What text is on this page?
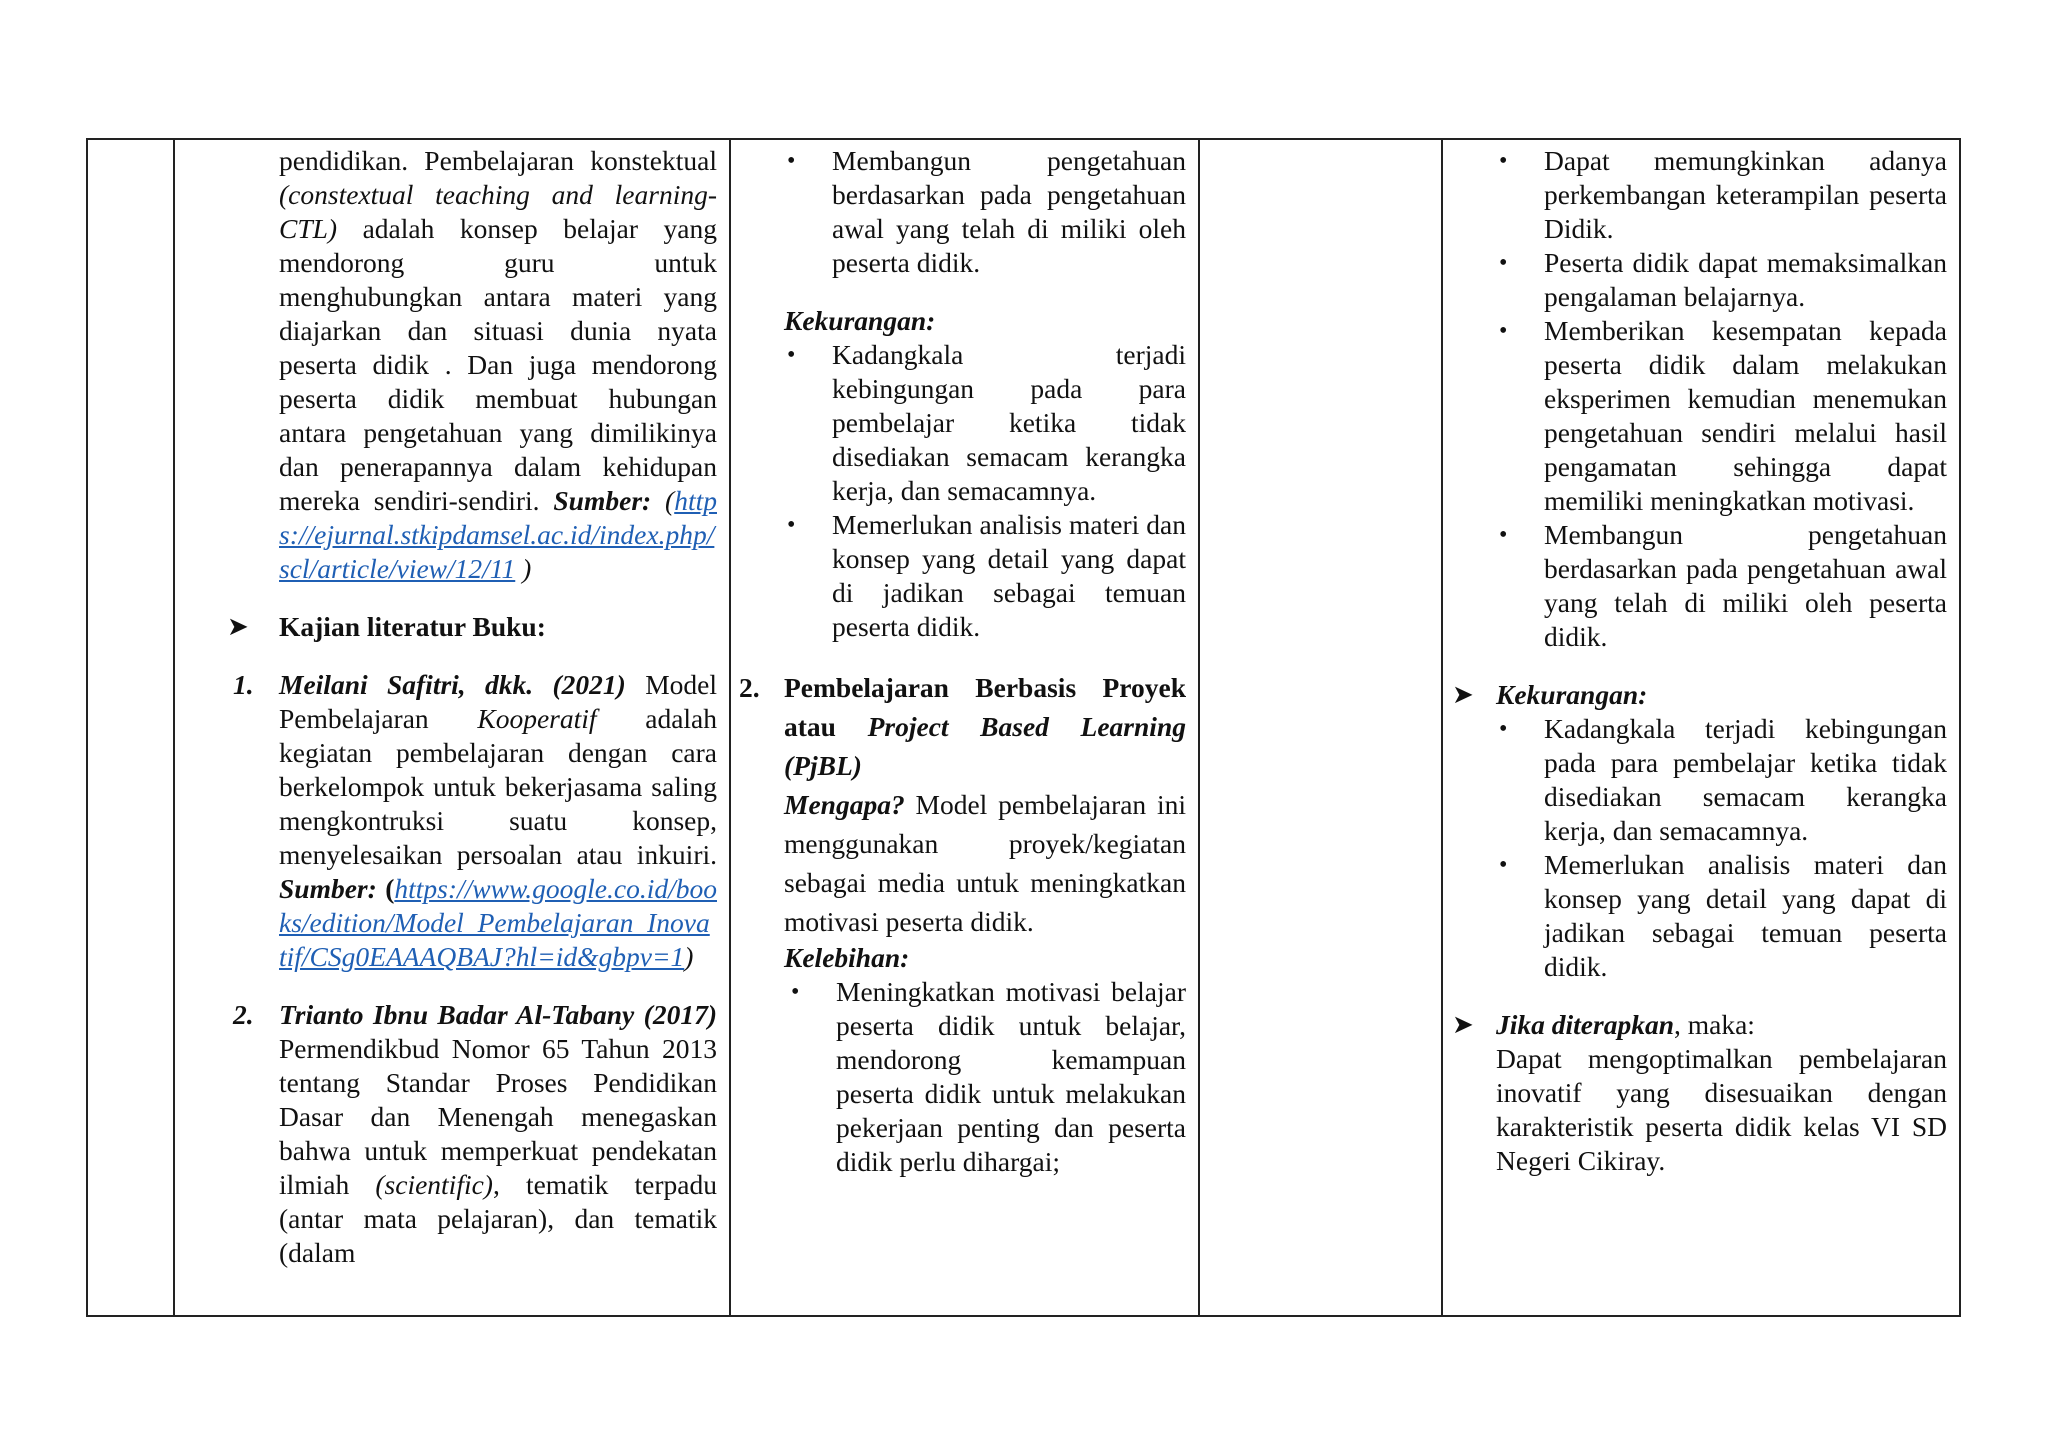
pendidikan. Pembelajaran konstektual (constextual teaching and learning-CTL) adalah konsep belajar yang mendorong guru untuk menghubungkan antara materi yang diajarkan dan situasi dunia nyata peserta didik . Dan juga mendorong peserta didik membuat hubungan antara pengetahuan yang dimilikinya dan penerapannya dalam kehidupan mereka sendiri-sendiri. Sumber: (https://ejurnal.stkipdamsel.ac.id/index.php/scl/article/view/12/11 )

➤ Kajian literatur Buku:
1. Meilani Safitri, dkk. (2021) Model Pembelajaran Kooperatif adalah kegiatan pembelajaran dengan cara berkelompok untuk bekerjasama saling mengkontruksi suatu konsep, menyelesaikan persoalan atau inkuiri. Sumber: (https://www.google.co.id/books/edition/Model_Pembelajaran_Inovatif/CSg0EAAAQBAJ?hl=id&gbpv=1)

2. Trianto Ibnu Badar Al-Tabany (2017) Permendikbud Nomor 65 Tahun 2013 tentang Standar Proses Pendidikan Dasar dan Menengah menegaskan bahwa untuk memperkuat pendekatan ilmiah (scientific), tematik terpadu (antar mata pelajaran), dan tematik (dalam

• Membangun pengetahuan berdasarkan pada pengetahuan awal yang telah di miliki oleh peserta didik.

Kekurangan:

• Kadangkala terjadi kebingungan pada para pembelajar ketika tidak disediakan semacam kerangka kerja, dan semacamnya.
• Memerlukan analisis materi dan konsep yang detail yang dapat di jadikan sebagai temuan peserta didik.
2. Pembelajaran Berbasis Proyek atau Project Based Learning (PjBL)

Mengapa? Model pembelajaran ini menggunakan proyek/kegiatan sebagai media untuk meningkatkan motivasi peserta didik.

Kelebihan:

• Meningkatkan motivasi belajar peserta didik untuk belajar, mendorong kemampuan peserta didik untuk melakukan pekerjaan penting dan peserta didik perlu dihargai;

• Dapat memungkinkan adanya perkembangan keterampilan peserta Didik.
• Peserta didik dapat memaksimalkan pengalaman belajarnya.
• Memberikan kesempatan kepada peserta didik dalam melakukan eksperimen kemudian menemukan pengetahuan sendiri melalui hasil pengamatan sehingga dapat memiliki meningkatkan motivasi.
• Membangun pengetahuan berdasarkan pada pengetahuan awal yang telah di miliki oleh peserta didik.
➤ Kekurangan:
• Kadangkala terjadi kebingungan pada para pembelajar ketika tidak disediakan semacam kerangka kerja, dan semacamnya.
• Memerlukan analisis materi dan konsep yang detail yang dapat di jadikan sebagai temuan peserta didik.
➤ Jika diterapkan, maka:

Dapat mengoptimalkan pembelajaran inovatif yang disesuaikan dengan karakteristik peserta didik kelas VI SD Negeri Cikiray.
